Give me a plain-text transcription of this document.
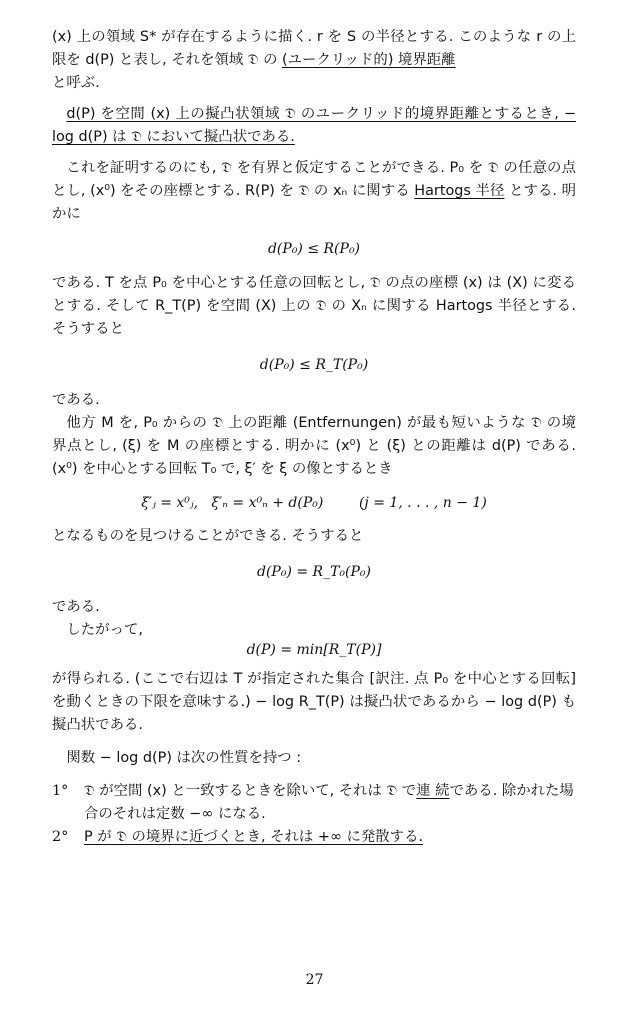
(x) 上の領域 S* が存在するように描く. r を S の半径とする. このような r の上限を d(P) と表し, それを領域 𝔇 の (ユークリッド的) 境界距離
と呼ぶ.

d(P) を空間 (x) 上の擬凸状領域 𝔇 のユークリッド的境界距離とするとき, − log d(P) は 𝔇 において擬凸状である.

これを証明するのにも, 𝔇 を有界と仮定することができる. P₀ を 𝔇 の任意の点とし, (x⁰) をその座標とする. R(P) を 𝔇 の xₙ に関する Hartogs 半径 とする. 明かに

d(P₀) ≤ R(P₀)

である. T を点 P₀ を中心とする任意の回転とし, 𝔇 の点の座標 (x) は (X) に変るとする. そして R_T(P) を空間 (X) 上の 𝔇 の Xₙ に関する Hartogs 半径とする. そうすると

d(P₀) ≤ R_T(P₀)

である.

他方 M を, P₀ からの 𝔇 上の距離 (Entfernungen) が最も短いような 𝔇 の境界点とし, (ξ) を M の座標とする. 明かに (x⁰) と (ξ) との距離は d(P) である. (x⁰) を中心とする回転 T₀ で, ξ′ を ξ の像とするとき

ξ′ⱼ = x⁰ⱼ,   ξ′ₙ = x⁰ₙ + d(P₀)        (j = 1, . . . , n − 1)

となるものを見つけることができる. そうすると

d(P₀) = R_T₀(P₀)

である.

したがって,

d(P) = min[R_T(P)]

が得られる. (ここで右辺は T が指定された集合 [訳注. 点 P₀ を中心とする回転] を動くときの下限を意味する.) − log R_T(P) は擬凸状であるから − log d(P) も擬凸状である.

関数 − log d(P) は次の性質を持つ :

1°	𝔇 が空間 (x) と一致するときを除いて, それは 𝔇 で連 続である. 除かれた場合のそれは定数 −∞ になる.
2°	P が 𝔇 の境界に近づくとき, それは +∞ に発散する.
27
